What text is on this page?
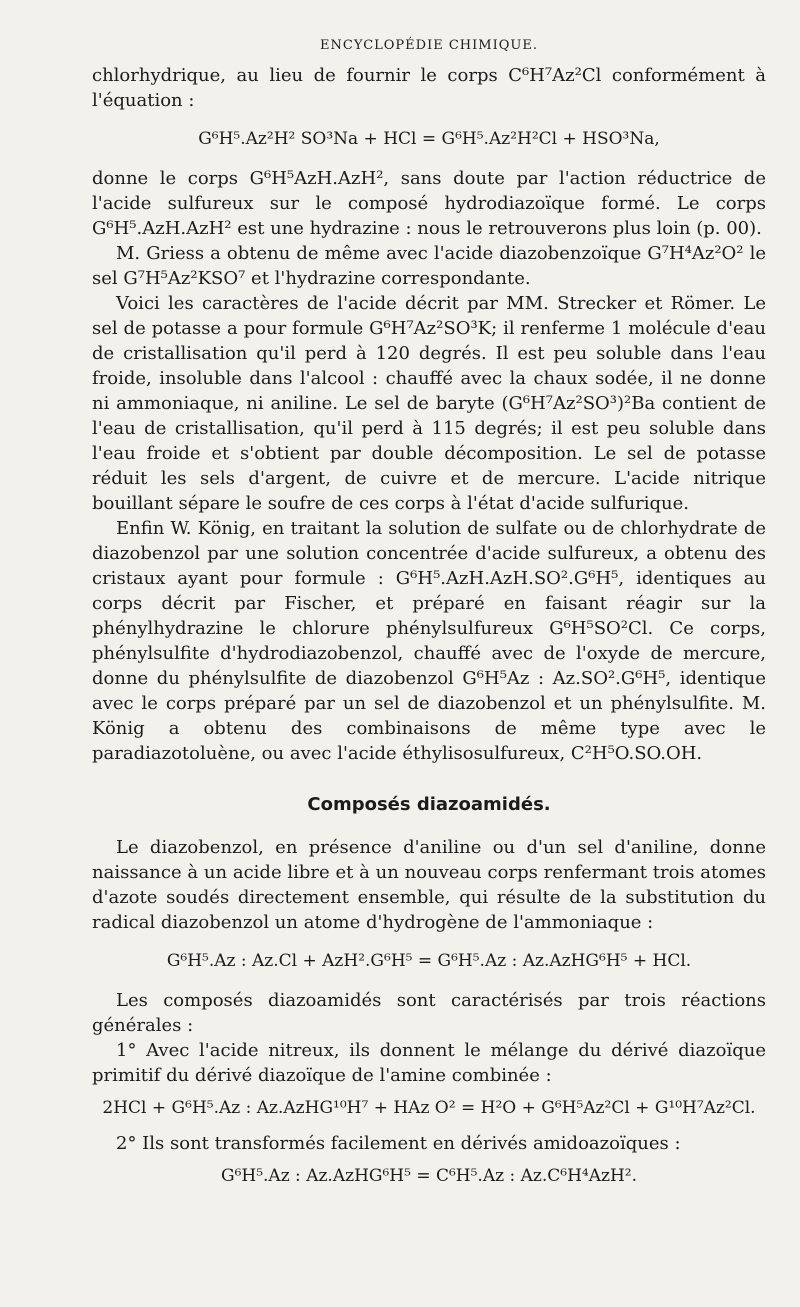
ENCYCLOPÉDIE CHIMIQUE.

chlorhydrique, au lieu de fournir le corps C⁶H⁷Az²Cl conformément à l'équation :

G⁶H⁵.Az²H² SO³Na + HCl = G⁶H⁵.Az²H²Cl + HSO³Na,

donne le corps G⁶H⁵AzH.AzH², sans doute par l'action réductrice de l'acide sulfureux sur le composé hydrodiazoïque formé. Le corps G⁶H⁵.AzH.AzH² est une hydrazine : nous le retrouverons plus loin (p. 00).

M. Griess a obtenu de même avec l'acide diazobenzoïque G⁷H⁴Az²O² le sel G⁷H⁵Az²KSO⁷ et l'hydrazine correspondante.

Voici les caractères de l'acide décrit par MM. Strecker et Römer. Le sel de potasse a pour formule G⁶H⁷Az²SO³K; il renferme 1 molécule d'eau de cristallisation qu'il perd à 120 degrés. Il est peu soluble dans l'eau froide, insoluble dans l'alcool : chauffé avec la chaux sodée, il ne donne ni ammoniaque, ni aniline. Le sel de baryte (G⁶H⁷Az²SO³)²Ba contient de l'eau de cristallisation, qu'il perd à 115 degrés; il est peu soluble dans l'eau froide et s'obtient par double décomposition. Le sel de potasse réduit les sels d'argent, de cuivre et de mercure. L'acide nitrique bouillant sépare le soufre de ces corps à l'état d'acide sulfurique.

Enfin W. König, en traitant la solution de sulfate ou de chlorhydrate de diazobenzol par une solution concentrée d'acide sulfureux, a obtenu des cristaux ayant pour formule : G⁶H⁵.AzH.AzH.SO².G⁶H⁵, identiques au corps décrit par Fischer, et préparé en faisant réagir sur la phénylhydrazine le chlorure phénylsulfureux G⁶H⁵SO²Cl. Ce corps, phénylsulfite d'hydrodiazobenzol, chauffé avec de l'oxyde de mercure, donne du phénylsulfite de diazobenzol G⁶H⁵Az : Az.SO².G⁶H⁵, identique avec le corps préparé par un sel de diazobenzol et un phénylsulfite. M. König a obtenu des combinaisons de même type avec le paradiazotoluène, ou avec l'acide éthylisosulfureux, C²H⁵O.SO.OH.

Composés diazoamidés.

Le diazobenzol, en présence d'aniline ou d'un sel d'aniline, donne naissance à un acide libre et à un nouveau corps renfermant trois atomes d'azote soudés directement ensemble, qui résulte de la substitution du radical diazobenzol un atome d'hydrogène de l'ammoniaque :

G⁶H⁵.Az : Az.Cl + AzH².G⁶H⁵ = G⁶H⁵.Az : Az.AzHG⁶H⁵ + HCl.

Les composés diazoamidés sont caractérisés par trois réactions générales :

1° Avec l'acide nitreux, ils donnent le mélange du dérivé diazoïque primitif du dérivé diazoïque de l'amine combinée :

2HCl + G⁶H⁵.Az : Az.AzHG¹⁰H⁷ + HAz O² = H²O + G⁶H⁵Az²Cl + G¹⁰H⁷Az²Cl.

2° Ils sont transformés facilement en dérivés amidoazoïques :

G⁶H⁵.Az : Az.AzHG⁶H⁵ = C⁶H⁵.Az : Az.C⁶H⁴AzH².
